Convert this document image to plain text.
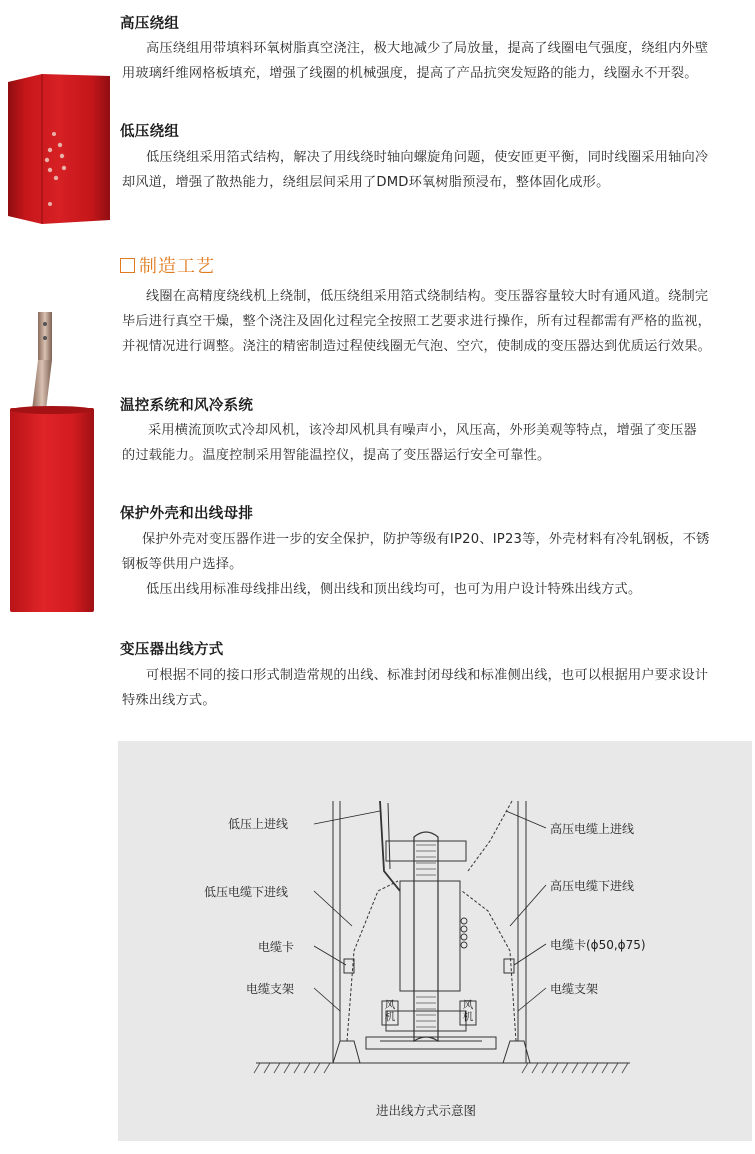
高压绕组
高压绕组用带填料环氧树脂真空浇注，极大地减少了局放量，提高了线圈电气强度，绕组内外壁
用玻璃纤维网格板填充，增强了线圈的机械强度，提高了产品抗突发短路的能力，线圈永不开裂。
低压绕组
低压绕组采用箔式结构，解决了用线绕时轴向螺旋角问题，使安匝更平衡，同时线圈采用轴向冷
却风道，增强了散热能力，绕组层间采用了DMD环氧树脂预浸布，整体固化成形。
制造工艺
线圈在高精度绕线机上绕制，低压绕组采用箔式绕制结构。变压器容量较大时有通风道。绕制完
毕后进行真空干燥，整个浇注及固化过程完全按照工艺要求进行操作，所有过程都需有严格的监视，
并视情况进行调整。浇注的精密制造过程使线圈无气泡、空穴，使制成的变压器达到优质运行效果。
温控系统和风冷系统
采用横流顶吹式冷却风机，该冷却风机具有噪声小，风压高，外形美观等特点，增强了变压器
的过载能力。温度控制采用智能温控仪，提高了变压器运行安全可靠性。
保护外壳和出线母排
保护外壳对变压器作进一步的安全保护，防护等级有IP20、IP23等，外壳材料有冷轧钢板，不锈
钢板等供用户选择。
低压出线用标准母线排出线，侧出线和顶出线均可，也可为用户设计特殊出线方式。
变压器出线方式
可根据不同的接口形式制造常规的出线、标准封闭母线和标准侧出线，也可以根据用户要求设计
特殊出线方式。
风
机
风
机
低压上进线
低压电缆下进线
电缆卡
电缆支架
高压电缆上进线
高压电缆下进线
电缆卡(ϕ50,ϕ75)
电缆支架
进出线方式示意图
